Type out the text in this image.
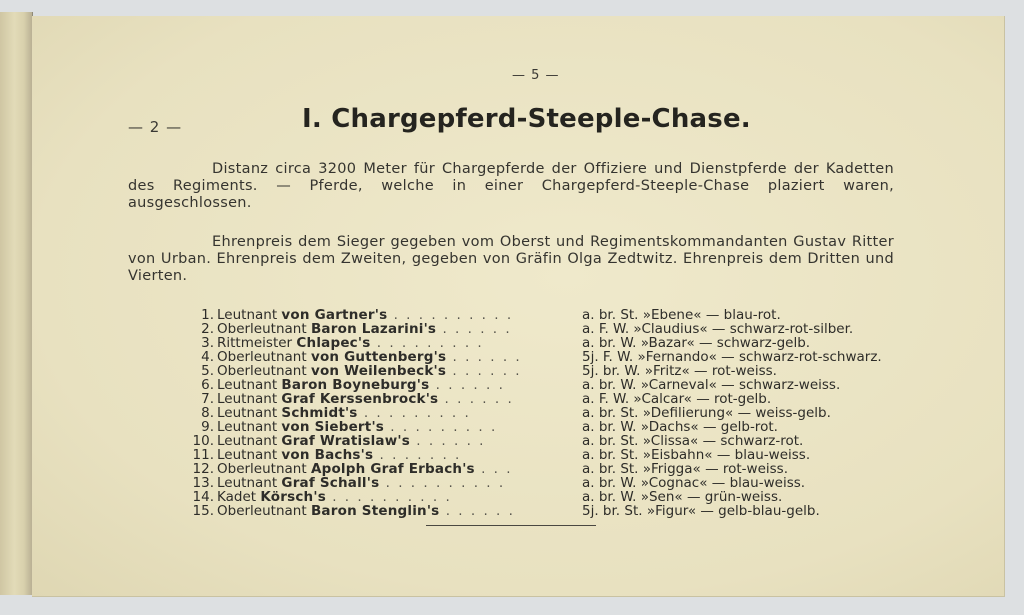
— 5 —
— 2 —	I. Chargepferd-Steeple-Chase.
Distanz circa 3200 Meter für Chargepferde der Offiziere und Dienstpferde der Kadetten des Regiments. — Pferde, welche in einer Chargepferd-Steeple-Chase plaziert waren, ausgeschlossen.
Ehrenpreis dem Sieger gegeben vom Oberst und Regimentskommandanten Gustav Ritter von Urban. Ehrenpreis dem Zweiten, gegeben von Gräfin Olga Zedtwitz. Ehrenpreis dem Dritten und Vierten.
1. Leutnant von Gartner's . . . . . . . . . .	a. br. St. »Ebene« — blau-rot.
2. Oberleutnant Baron Lazarini's . . . . . .	a. F. W. »Claudius« — schwarz-rot-silber.
3. Rittmeister Chlapec's . . . . . . . . .	a. br. W. »Bazar« — schwarz-gelb.
4. Oberleutnant von Guttenberg's . . . . . .	5j. F. W. »Fernando« — schwarz-rot-schwarz.
5. Oberleutnant von Weilenbeck's . . . . . .	5j. br. W. »Fritz« — rot-weiss.
6. Leutnant Baron Boyneburg's . . . . . .	a. br. W. »Carneval« — schwarz-weiss.
7. Leutnant Graf Kerssenbrock's . . . . . .	a. F. W. »Calcar« — rot-gelb.
8. Leutnant Schmidt's . . . . . . . . .	a. br. St. »Defilierung« — weiss-gelb.
9. Leutnant von Siebert's . . . . . . . . .	a. br. W. »Dachs« — gelb-rot.
10. Leutnant Graf Wratislaw's . . . . . .	a. br. St. »Clissa« — schwarz-rot.
11. Leutnant von Bachs's . . . . . . .	a. br. St. »Eisbahn« — blau-weiss.
12. Oberleutnant Apolph Graf Erbach's . . .	a. br. St. »Frigga« — rot-weiss.
13. Leutnant Graf Schall's . . . . . . . . . .	a. br. W. »Cognac« — blau-weiss.
14. Kadet Körsch's . . . . . . . . . .	a. br. W. »Sen« — grün-weiss.
15. Oberleutnant Baron Stenglin's . . . . . .	5j. br. St. »Figur« — gelb-blau-gelb.
